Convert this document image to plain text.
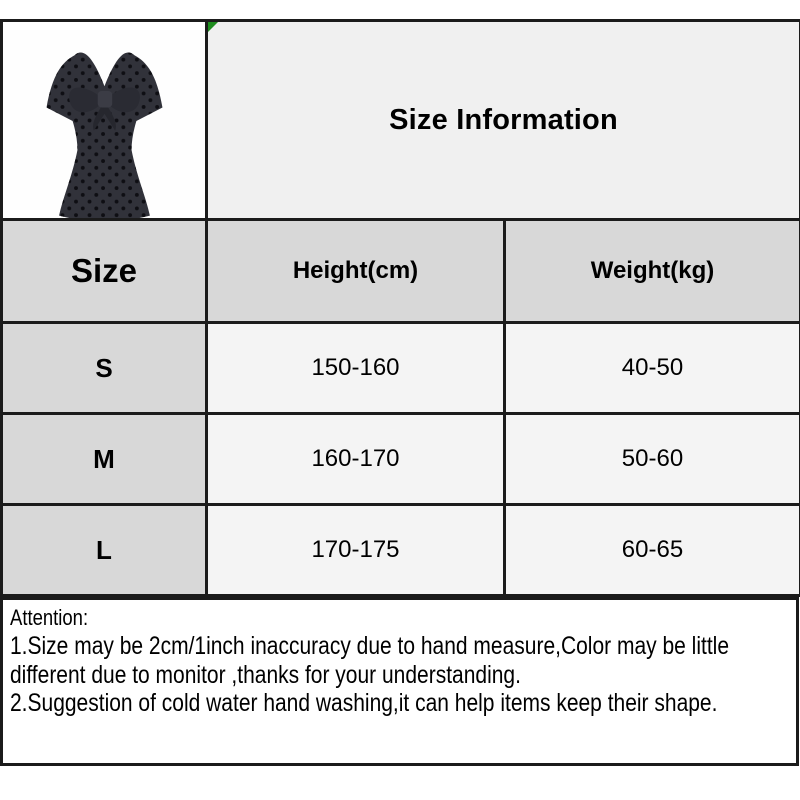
Size Information	
Size	Height(cm)	Weight(kg)
S	150-160	40-50
M	160-170	50-60
L	170-175	60-65
Attention:
1.Size may be 2cm/1inch inaccuracy due to hand measure,Color may be little
different due to monitor ,thanks for your understanding.
2.Suggestion of cold water hand washing,it can help items keep their shape.
